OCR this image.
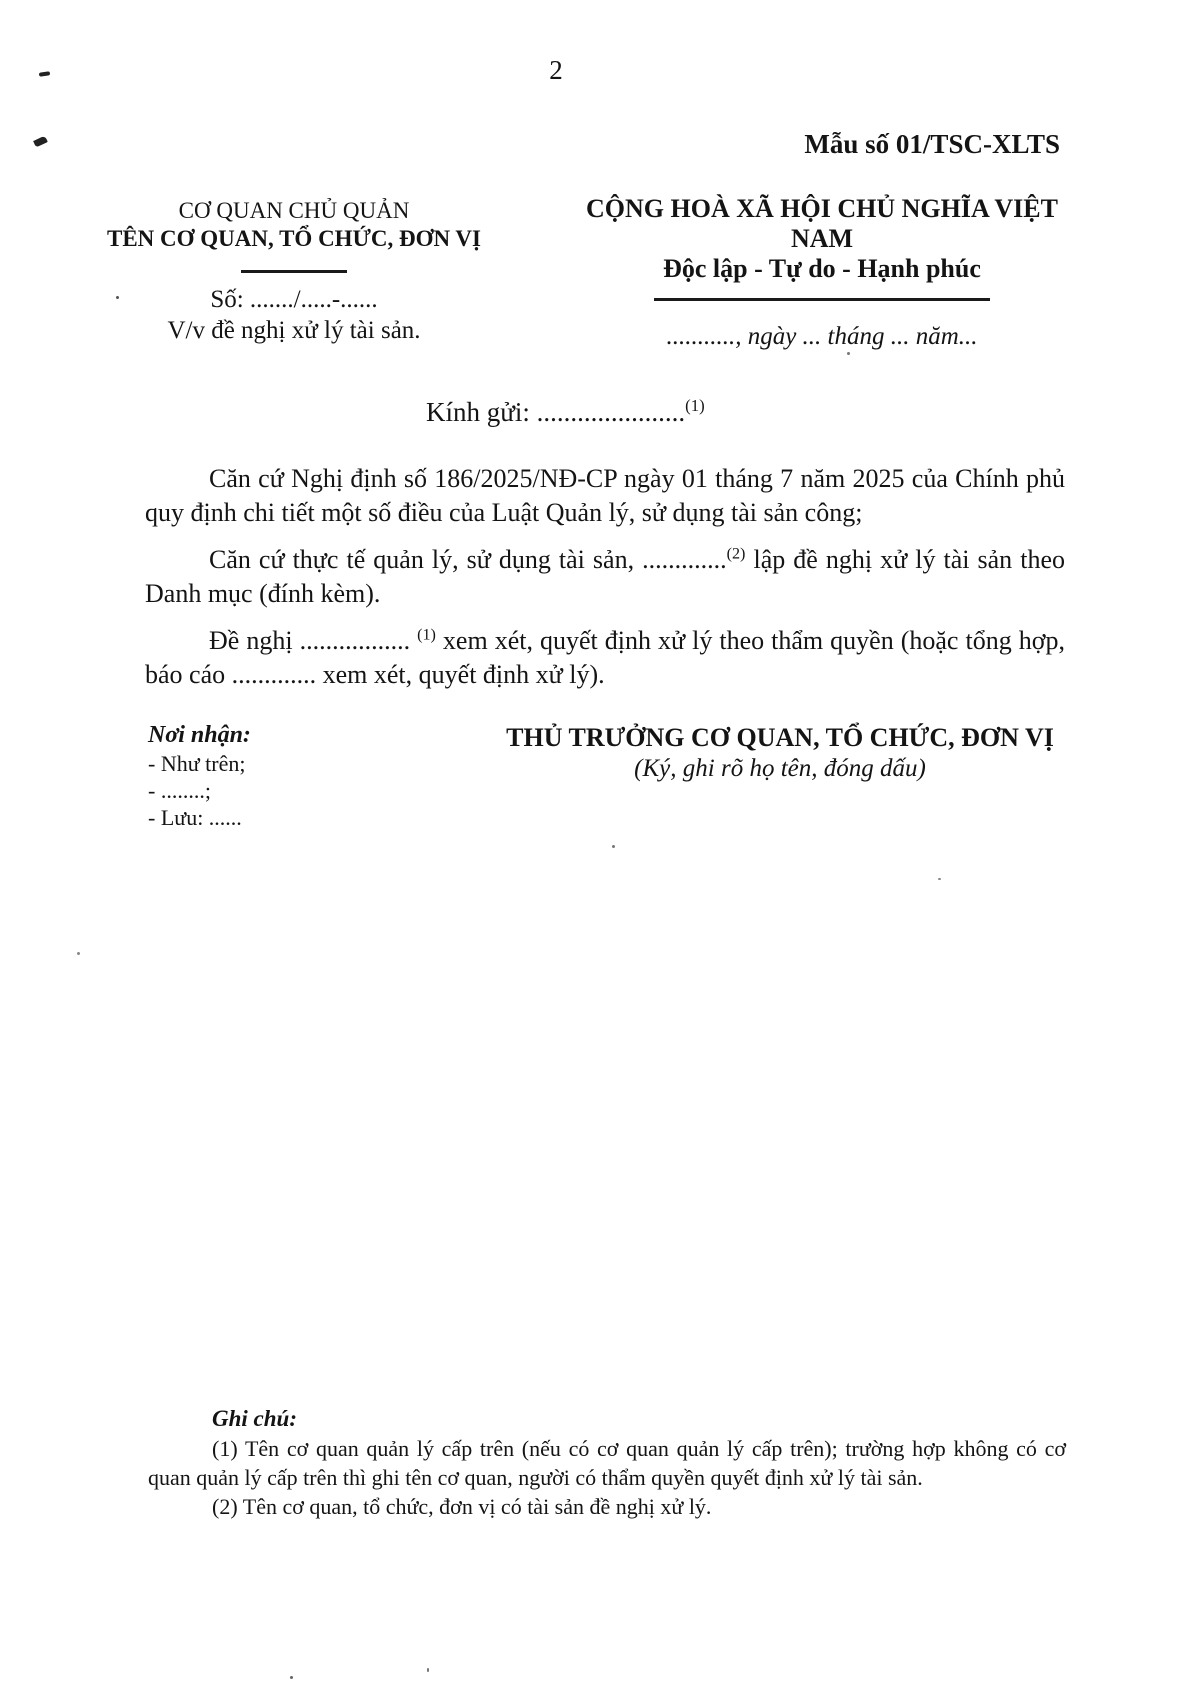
2
Mẫu số 01/TSC-XLTS
CƠ QUAN CHỦ QUẢN
TÊN CƠ QUAN, TỔ CHỨC, ĐƠN VỊ
Số: ......./.....-......
V/v đề nghị xử lý tài sản.
CỘNG HOÀ XÃ HỘI CHỦ NGHĨA VIỆT NAM
Độc lập - Tự do - Hạnh phúc
..........., ngày ... tháng ... năm...
Kính gửi: ......................$^{(1)}$

Căn cứ Nghị định số 186/2025/NĐ-CP ngày 01 tháng 7 năm 2025 của Chính phủ quy định chi tiết một số điều của Luật Quản lý, sử dụng tài sản công;

Căn cứ thực tế quản lý, sử dụng tài sản, .............$^{(2)}$ lập đề nghị xử lý tài sản theo Danh mục (đính kèm).

Đề nghị ................. $^{(1)}$ xem xét, quyết định xử lý theo thẩm quyền (hoặc tổng hợp, báo cáo ............. xem xét, quyết định xử lý).

Nơi nhận:
- Như trên;
- ........;
- Lưu: ......
THỦ TRƯỞNG CƠ QUAN, TỔ CHỨC, ĐƠN VỊ
(Ký, ghi rõ họ tên, đóng dấu)
Ghi chú:

(1) Tên cơ quan quản lý cấp trên (nếu có cơ quan quản lý cấp trên); trường hợp không có cơ quan quản lý cấp trên thì ghi tên cơ quan, người có thẩm quyền quyết định xử lý tài sản.

(2) Tên cơ quan, tổ chức, đơn vị có tài sản đề nghị xử lý.
